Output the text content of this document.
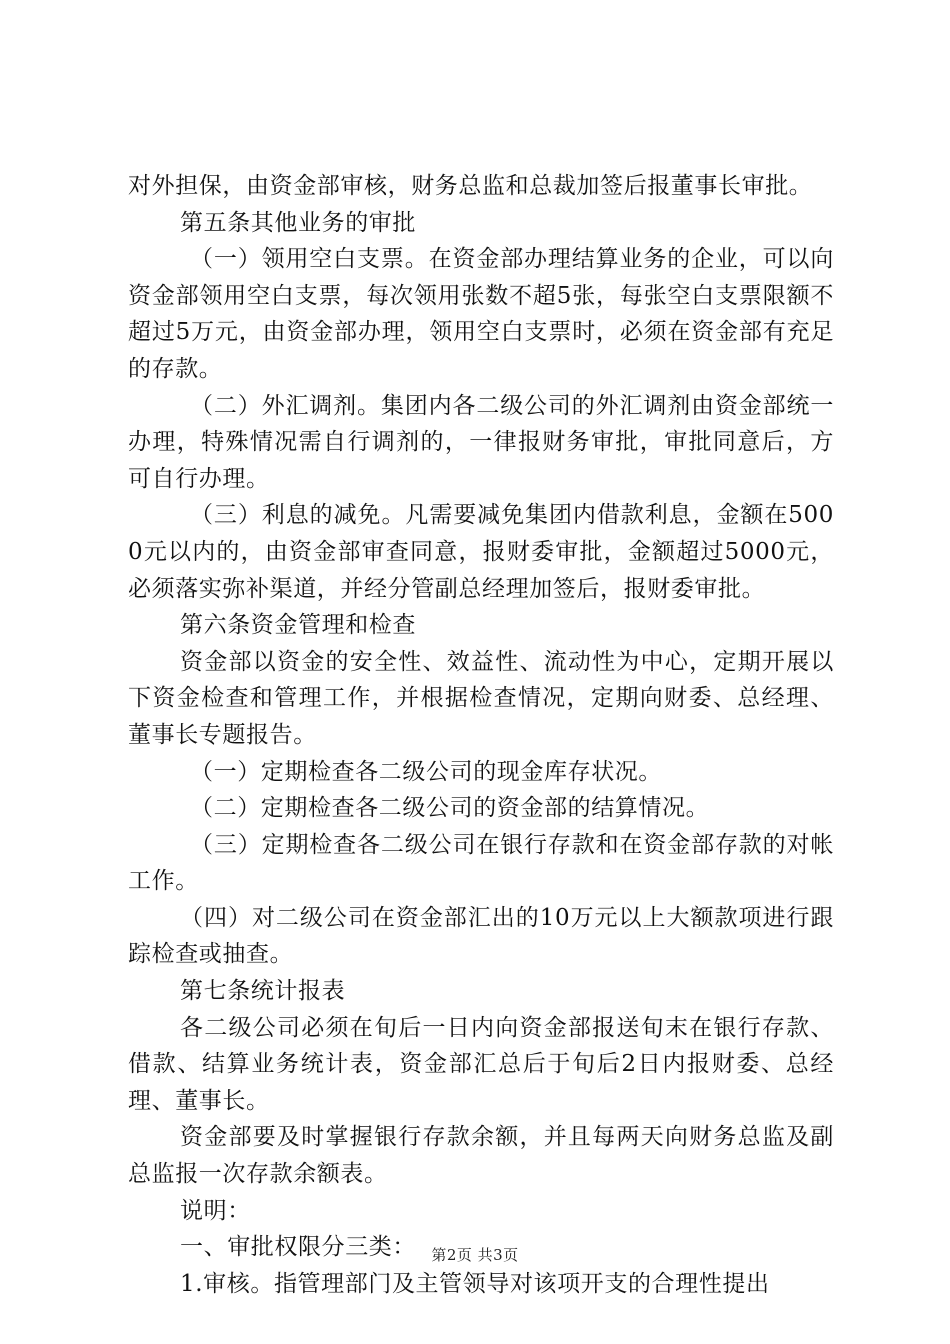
对外担保，由资金部审核，财务总监和总裁加签后报董事长审批。

第五条其他业务的审批

（一）领用空白支票。在资金部办理结算业务的企业，可以向资金部领用空白支票，每次领用张数不超5张，每张空白支票限额不超过5万元，由资金部办理，领用空白支票时，必须在资金部有充足的存款。

（二）外汇调剂。集团内各二级公司的外汇调剂由资金部统一办理，特殊情况需自行调剂的，一律报财务审批，审批同意后，方可自行办理。

（三）利息的减免。凡需要减免集团内借款利息，金额在5000元以内的，由资金部审查同意，报财委审批，金额超过5000元，必须落实弥补渠道，并经分管副总经理加签后，报财委审批。

第六条资金管理和检查

资金部以资金的安全性、效益性、流动性为中心，定期开展以下资金检查和管理工作，并根据检查情况，定期向财委、总经理、董事长专题报告。

（一）定期检查各二级公司的现金库存状况。

（二）定期检查各二级公司的资金部的结算情况。

（三）定期检查各二级公司在银行存款和在资金部存款的对帐工作。

（四）对二级公司在资金部汇出的10万元以上大额款项进行跟踪检查或抽查。

第七条统计报表

各二级公司必须在旬后一日内向资金部报送旬末在银行存款、借款、结算业务统计表，资金部汇总后于旬后2日内报财委、总经理、董事长。

资金部要及时掌握银行存款余额，并且每两天向财务总监及副总监报一次存款余额表。

说明：

一、审批权限分三类：

1.审核。指管理部门及主管领导对该项开支的合理性提出

第2页 共3页
